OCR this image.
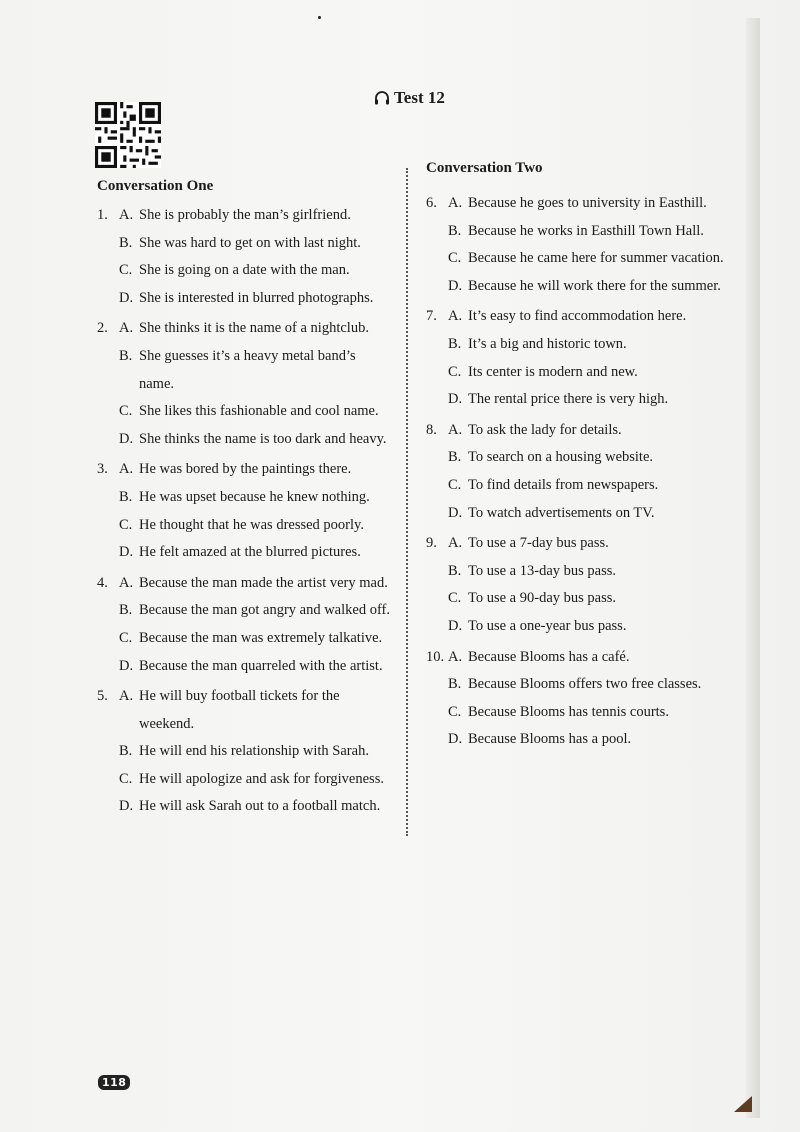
Test 12
Conversation One
Conversation Two
1. A. She is probably the man’s girlfriend.
B. She was hard to get on with last night.
C. She is going on a date with the man.
D. She is interested in blurred photographs.
2. A. She thinks it is the name of a nightclub.
B. She guesses it’s a heavy metal band’s name.
C. She likes this fashionable and cool name.
D. She thinks the name is too dark and heavy.
3. A. He was bored by the paintings there.
B. He was upset because he knew nothing.
C. He thought that he was dressed poorly.
D. He felt amazed at the blurred pictures.
4. A. Because the man made the artist very mad.
B. Because the man got angry and walked off.
C. Because the man was extremely talkative.
D. Because the man quarreled with the artist.
5. A. He will buy football tickets for the weekend.
B. He will end his relationship with Sarah.
C. He will apologize and ask for forgiveness.
D. He will ask Sarah out to a football match.
6. A. Because he goes to university in Easthill.
B. Because he works in Easthill Town Hall.
C. Because he came here for summer vacation.
D. Because he will work there for the summer.
7. A. It’s easy to find accommodation here.
B. It’s a big and historic town.
C. Its center is modern and new.
D. The rental price there is very high.
8. A. To ask the lady for details.
B. To search on a housing website.
C. To find details from newspapers.
D. To watch advertisements on TV.
9. A. To use a 7-day bus pass.
B. To use a 13-day bus pass.
C. To use a 90-day bus pass.
D. To use a one-year bus pass.
10. A. Because Blooms has a café.
B. Because Blooms offers two free classes.
C. Because Blooms has tennis courts.
D. Because Blooms has a pool.
118
